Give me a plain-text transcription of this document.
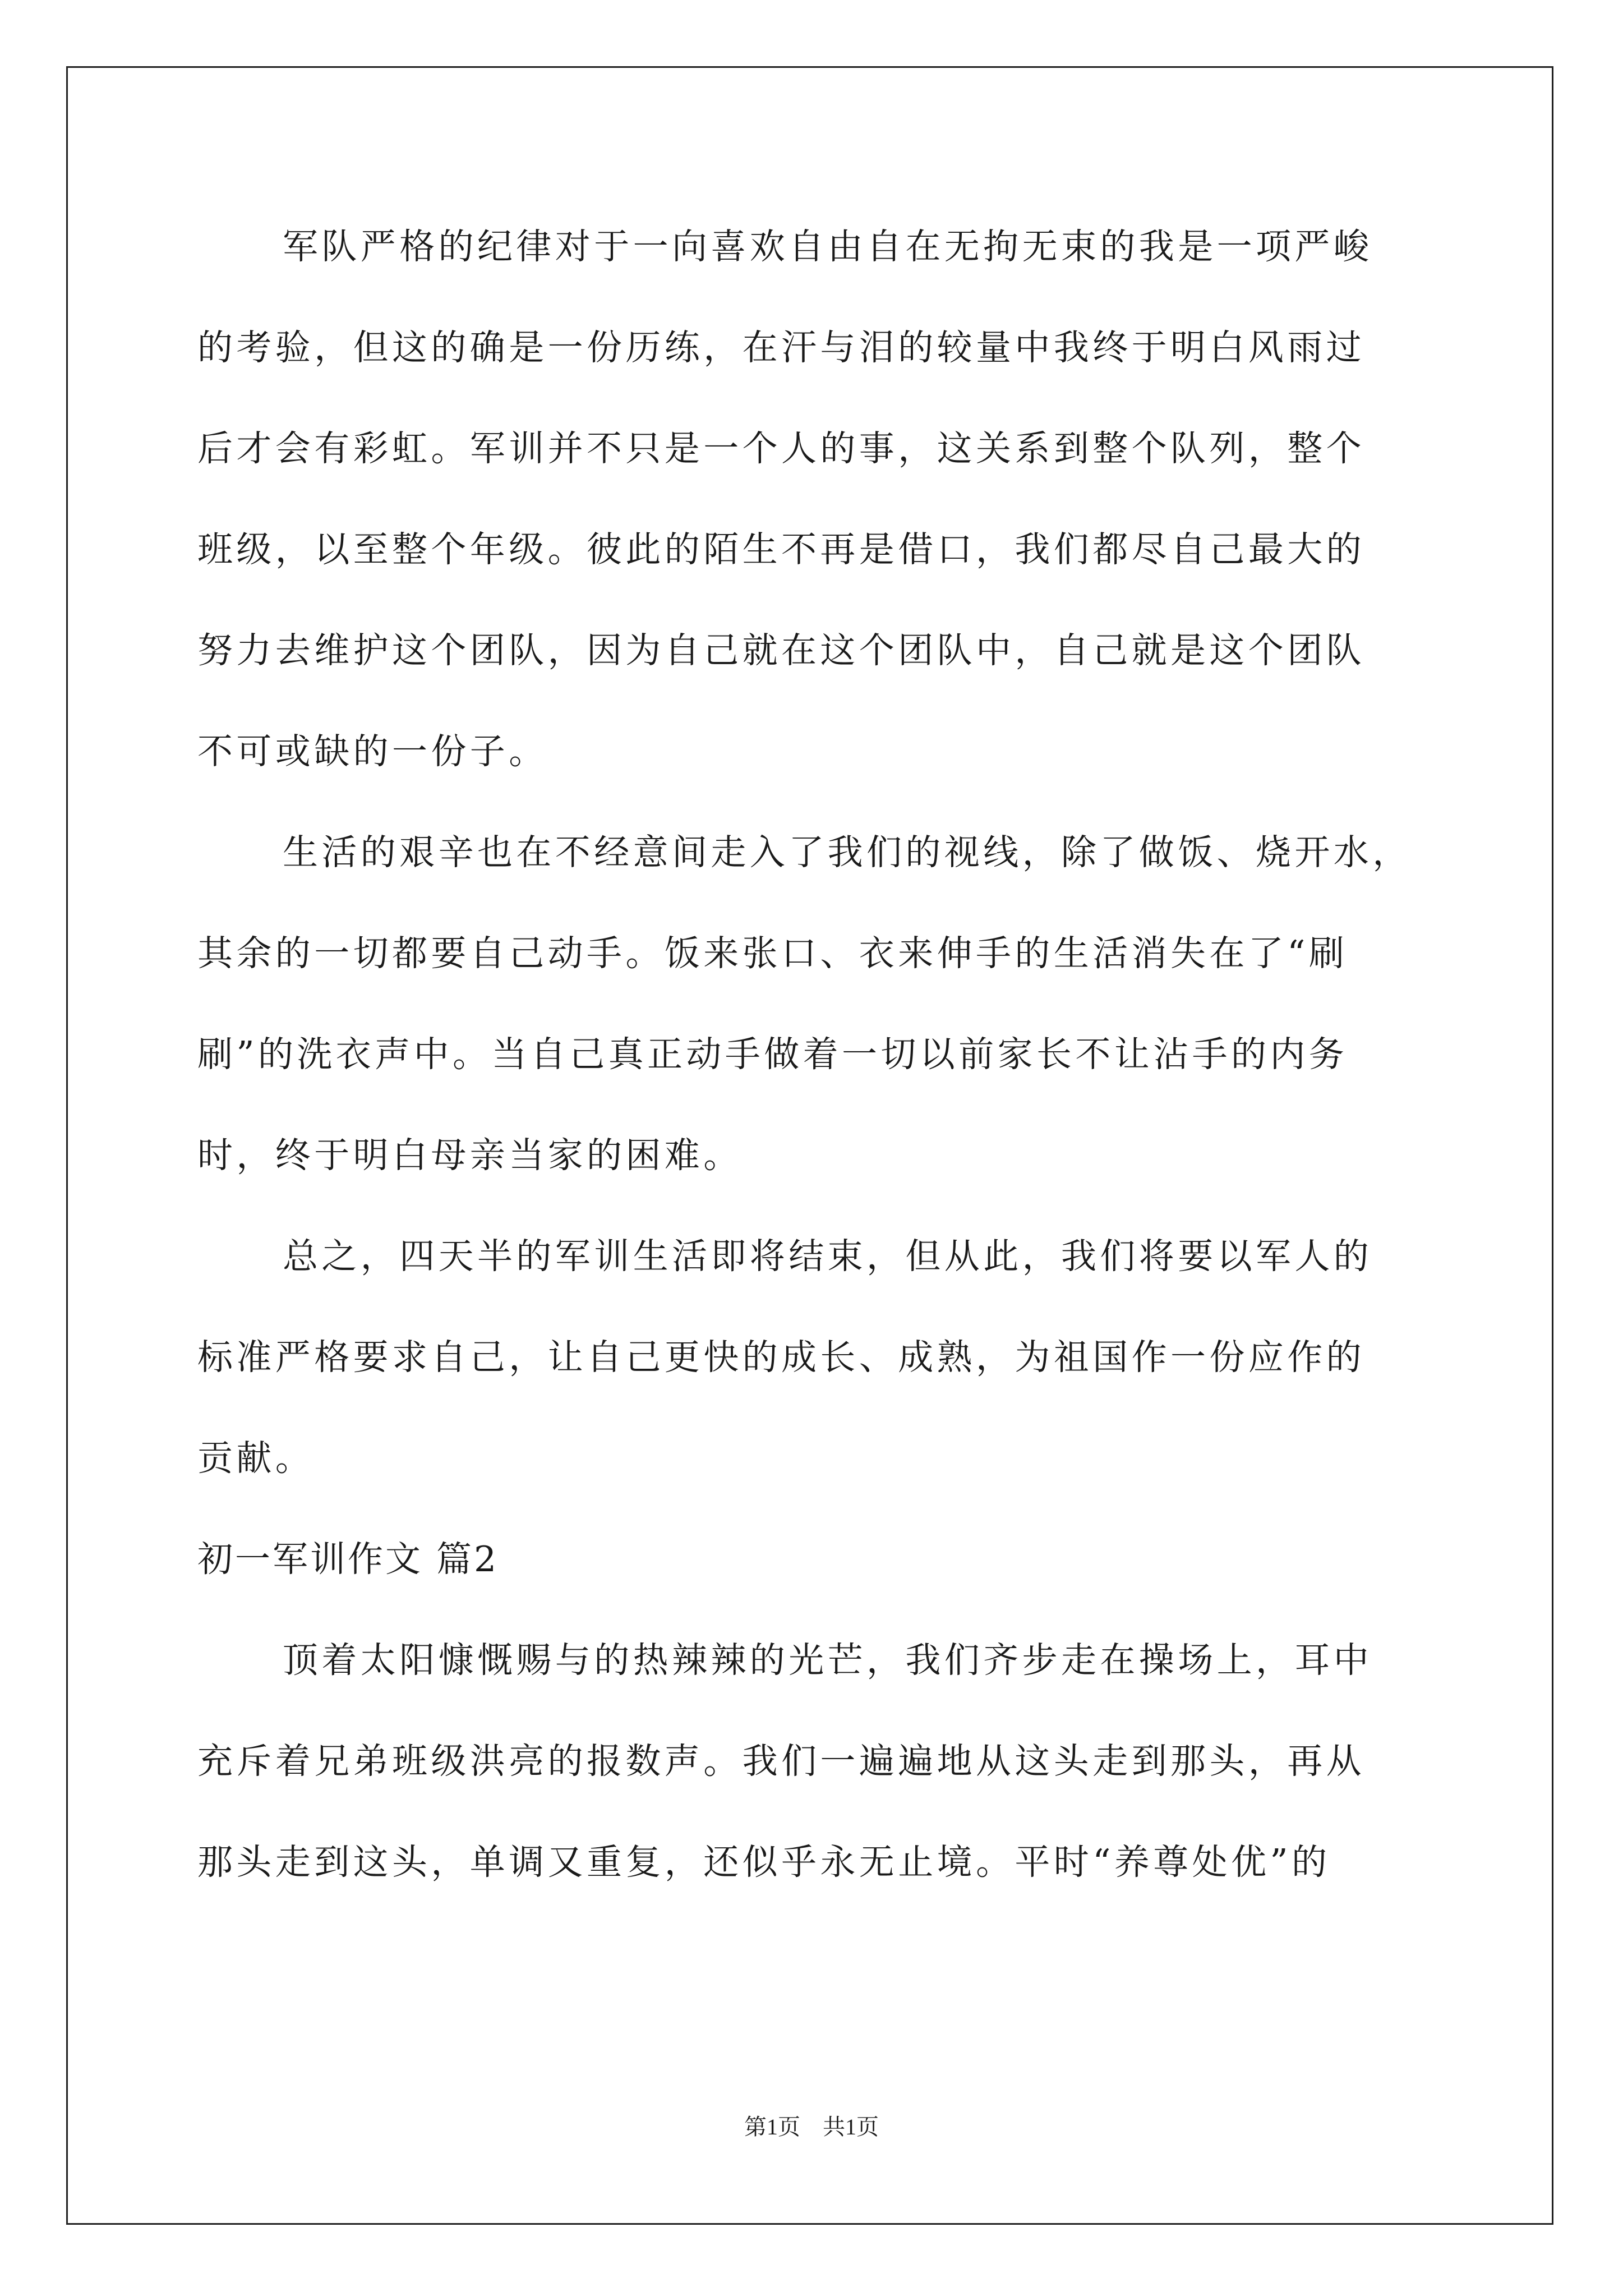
军队严格的纪律对于一向喜欢自由自在无拘无束的我是一项严峻
的考验，但这的确是一份历练，在汗与泪的较量中我终于明白风雨过
后才会有彩虹。军训并不只是一个人的事，这关系到整个队列，整个
班级，以至整个年级。彼此的陌生不再是借口，我们都尽自己最大的
努力去维护这个团队，因为自己就在这个团队中，自己就是这个团队
不可或缺的一份子。
生活的艰辛也在不经意间走入了我们的视线，除了做饭、烧开水，
其余的一切都要自己动手。饭来张口、衣来伸手的生活消失在了“刷
刷”的洗衣声中。当自己真正动手做着一切以前家长不让沾手的内务
时，终于明白母亲当家的困难。
总之，四天半的军训生活即将结束，但从此，我们将要以军人的
标准严格要求自己，让自己更快的成长、成熟，为祖国作一份应作的
贡献。
初一军训作文 篇2
顶着太阳慷慨赐与的热辣辣的光芒，我们齐步走在操场上，耳中
充斥着兄弟班级洪亮的报数声。我们一遍遍地从这头走到那头，再从
那头走到这头，单调又重复，还似乎永无止境。平时“养尊处优”的
第1页　共1页
